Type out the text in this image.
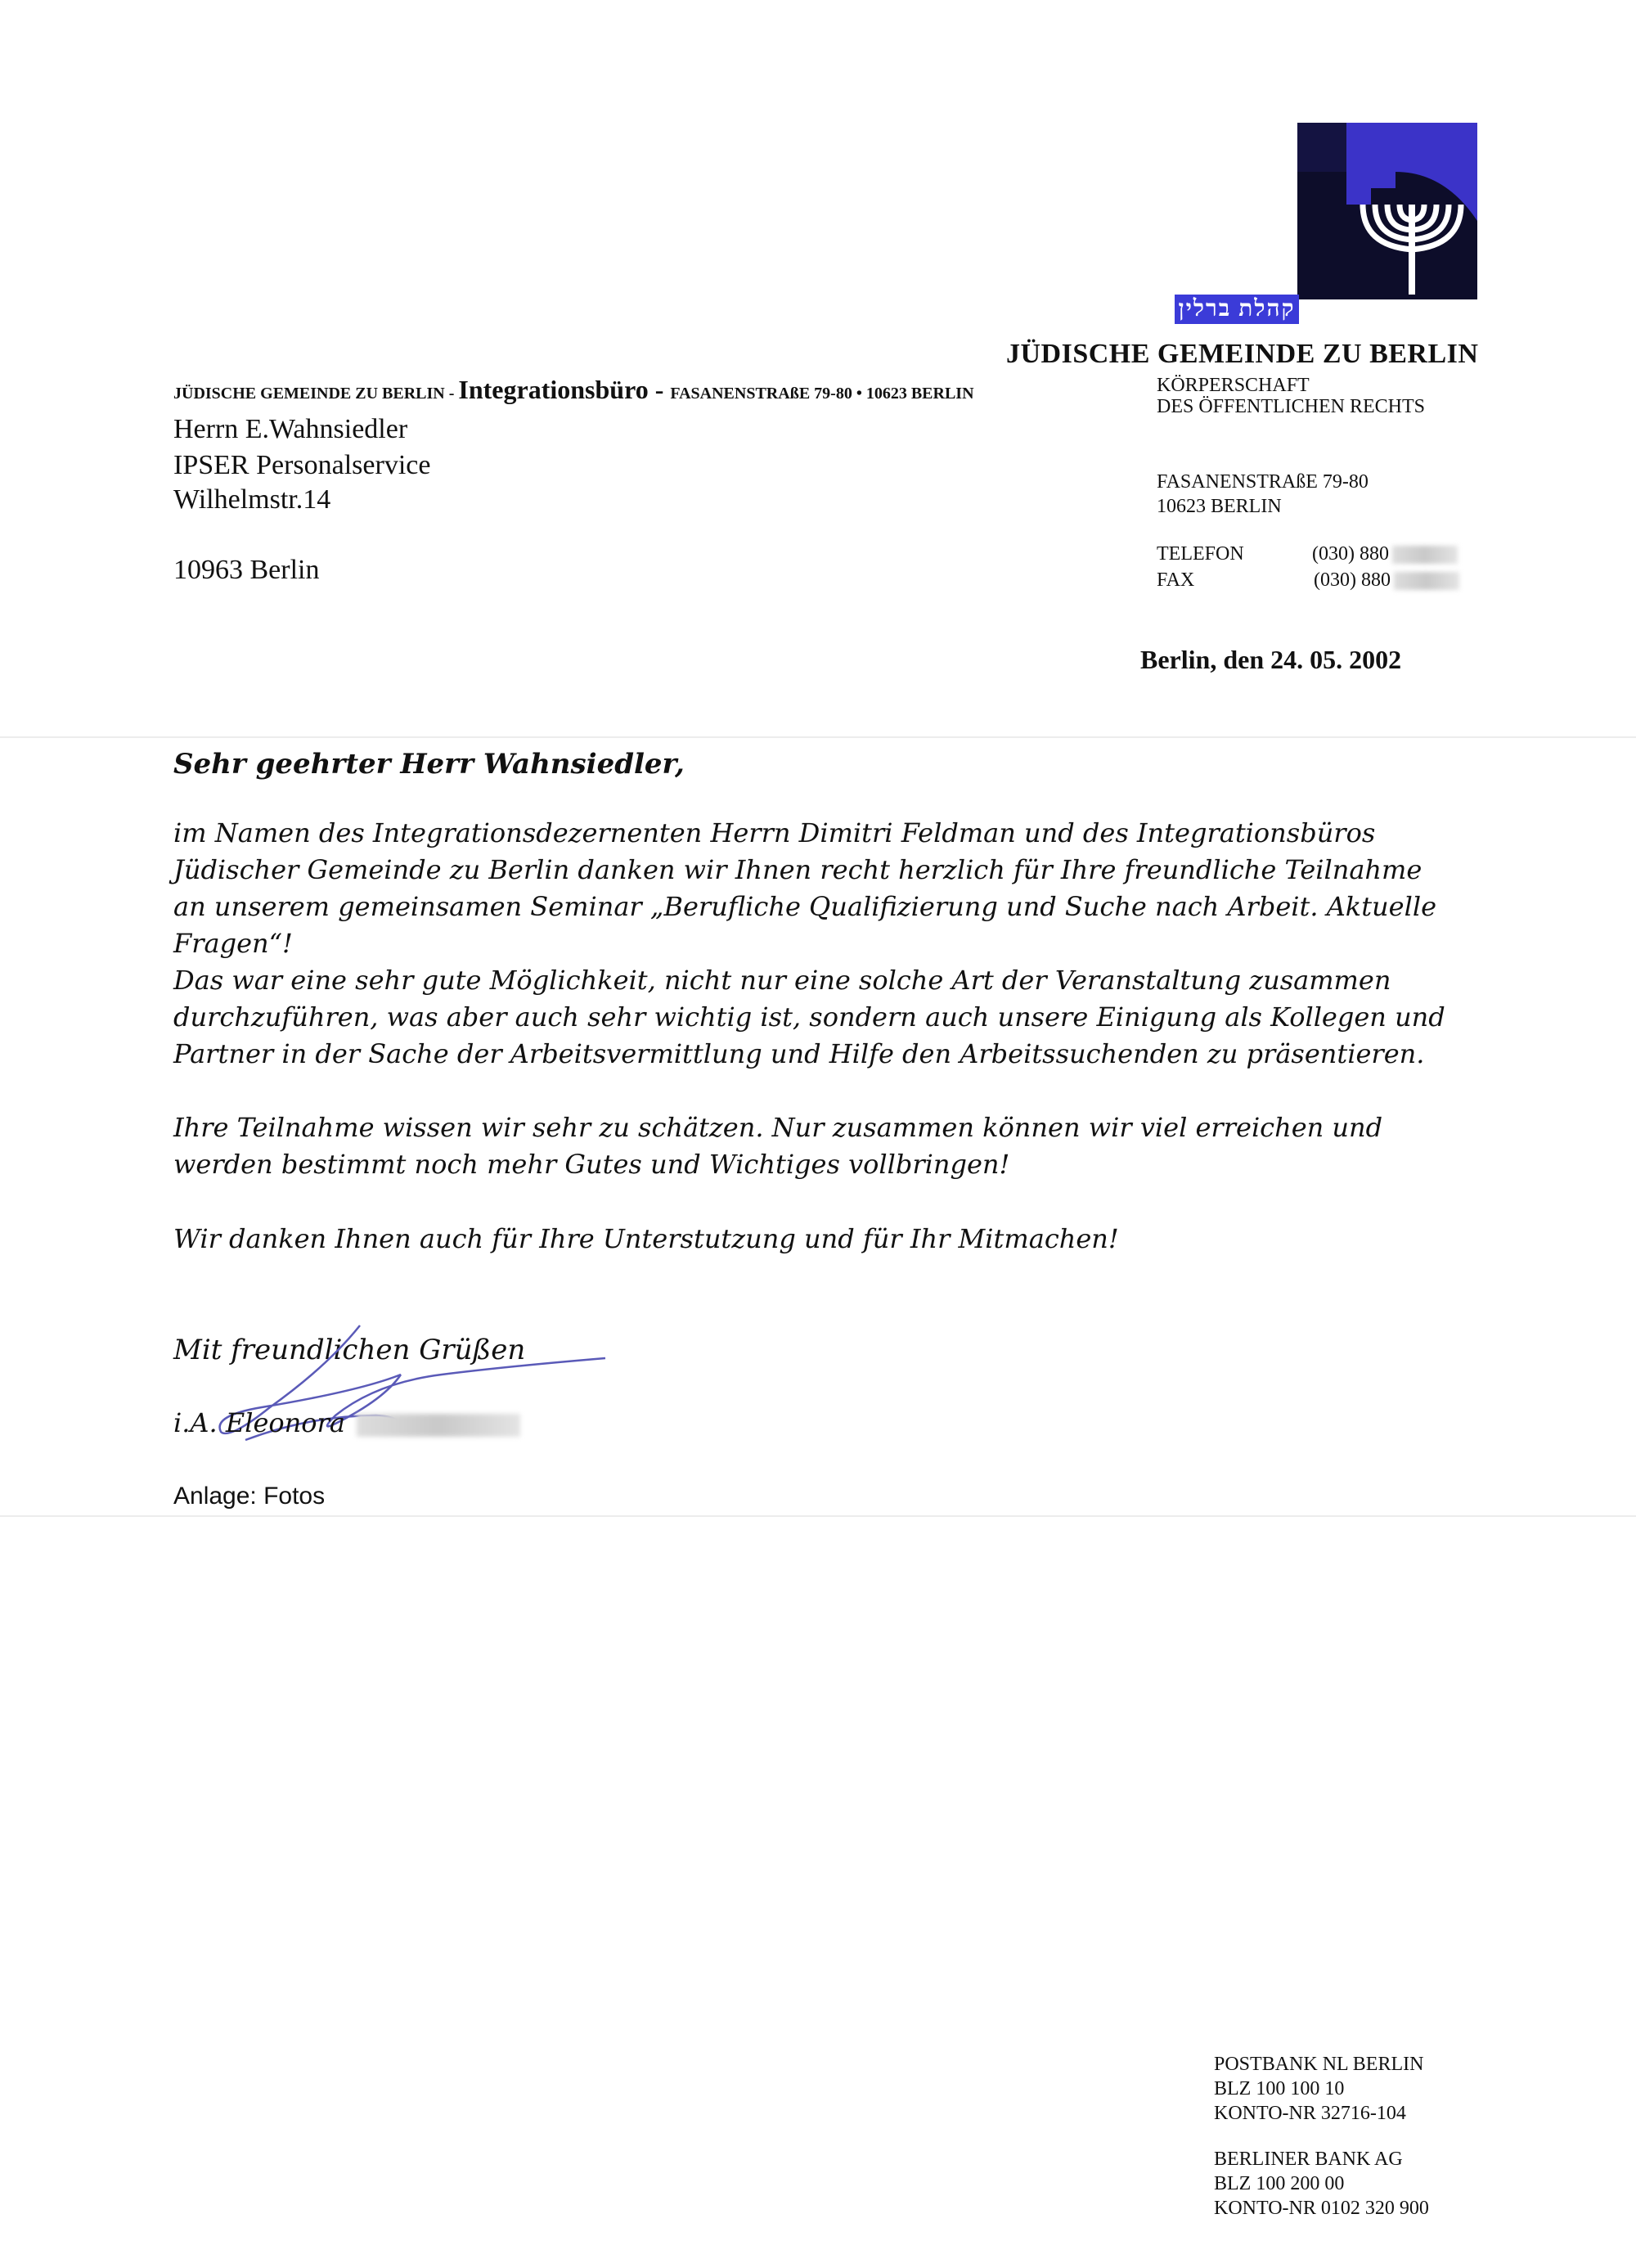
קהלת ברלין
JÜDISCHE GEMEINDE ZU BERLIN
KÖRPERSCHAFT
DES ÖFFENTLICHEN RECHTS
JÜDISCHE GEMEINDE ZU BERLIN - Integrationsbüro - FASANENSTRAßE 79-80 • 10623 BERLIN
Herrn E.Wahnsiedler
IPSER Personalservice
Wilhelmstr.14
10963 Berlin
FASANENSTRAßE 79-80
10623 BERLIN
TELEFON
FAX
(030) 880
(030) 880
Berlin, den 24. 05. 2002
Sehr geehrter Herr Wahnsiedler,
im Namen des Integrationsdezernenten Herrn Dimitri Feldman und des Integrationsbüros Jüdischer Gemeinde zu Berlin danken wir Ihnen recht herzlich für Ihre freundliche Teilnahme an unserem gemeinsamen Seminar „Berufliche Qualifizierung und Suche nach Arbeit. Aktuelle Fragen“!
Das war eine sehr gute Möglichkeit, nicht nur eine solche Art der Veranstaltung zusammen durchzuführen, was aber auch sehr wichtig ist, sondern auch unsere Einigung als Kollegen und Partner in der Sache der Arbeitsvermittlung und Hilfe den Arbeitssuchenden zu präsentieren.
Ihre Teilnahme wissen wir sehr zu schätzen. Nur zusammen können wir viel erreichen und werden bestimmt noch mehr Gutes und Wichtiges vollbringen!
Wir danken Ihnen auch für Ihre Unterstutzung und für Ihr Mitmachen!
Mit freundlichen Grüßen
i.A. Eleonora
Anlage: Fotos
POSTBANK NL BERLIN
BLZ 100 100 10
KONTO-NR 32716-104
BERLINER BANK AG
BLZ 100 200 00
KONTO-NR 0102 320 900
